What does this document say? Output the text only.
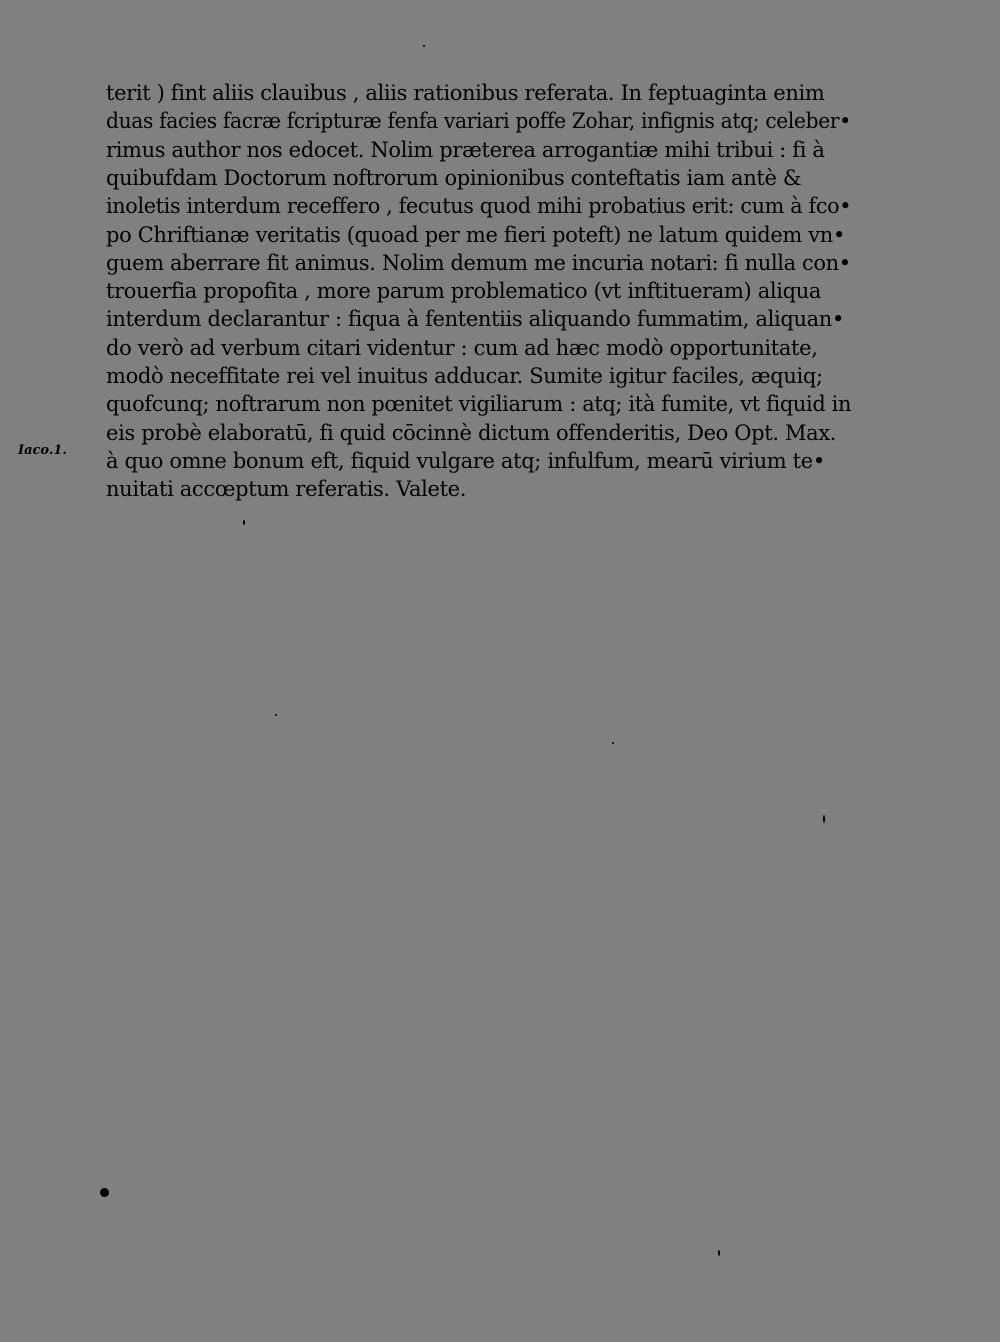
terit ) fint aliis clauibus , aliis rationibus referata. In feptuaginta enim
duas facies facræ fcripturæ fenfa variari poffe Zohar, infignis atq; celeber•
rimus author nos edocet. Nolim præterea arrogantiæ mihi tribui : fi à
quibufdam Doctorum noftrorum opinionibus conteftatis iam antè &
inoletis interdum receffero , fecutus quod mihi probatius erit: cum à fco•
po Chriftianæ veritatis (quoad per me fieri poteft) ne latum quidem vn•
guem aberrare fit animus. Nolim demum me incuria notari: fi nulla con•
trouerfia propofita , more parum problematico (vt inftitueram) aliqua
interdum declarantur : fiqua à fententiis aliquando fummatim, aliquan•
do verò ad verbum citari videntur : cum ad hæc modò opportunitate,
modò neceffitate rei vel inuitus adducar. Sumite igitur faciles, æquiq;
quofcunq; noftrarum non pœnitet vigiliarum : atq; ità fumite, vt fiquid in
eis probè elaboratū, fi quid cōcinnè dictum offenderitis, Deo Opt. Max.
à quo omne bonum eft, fiquid vulgare atq; infulfum, mearū virium te•
nuitati accœptum referatis. Valete.
Iaco.1.
